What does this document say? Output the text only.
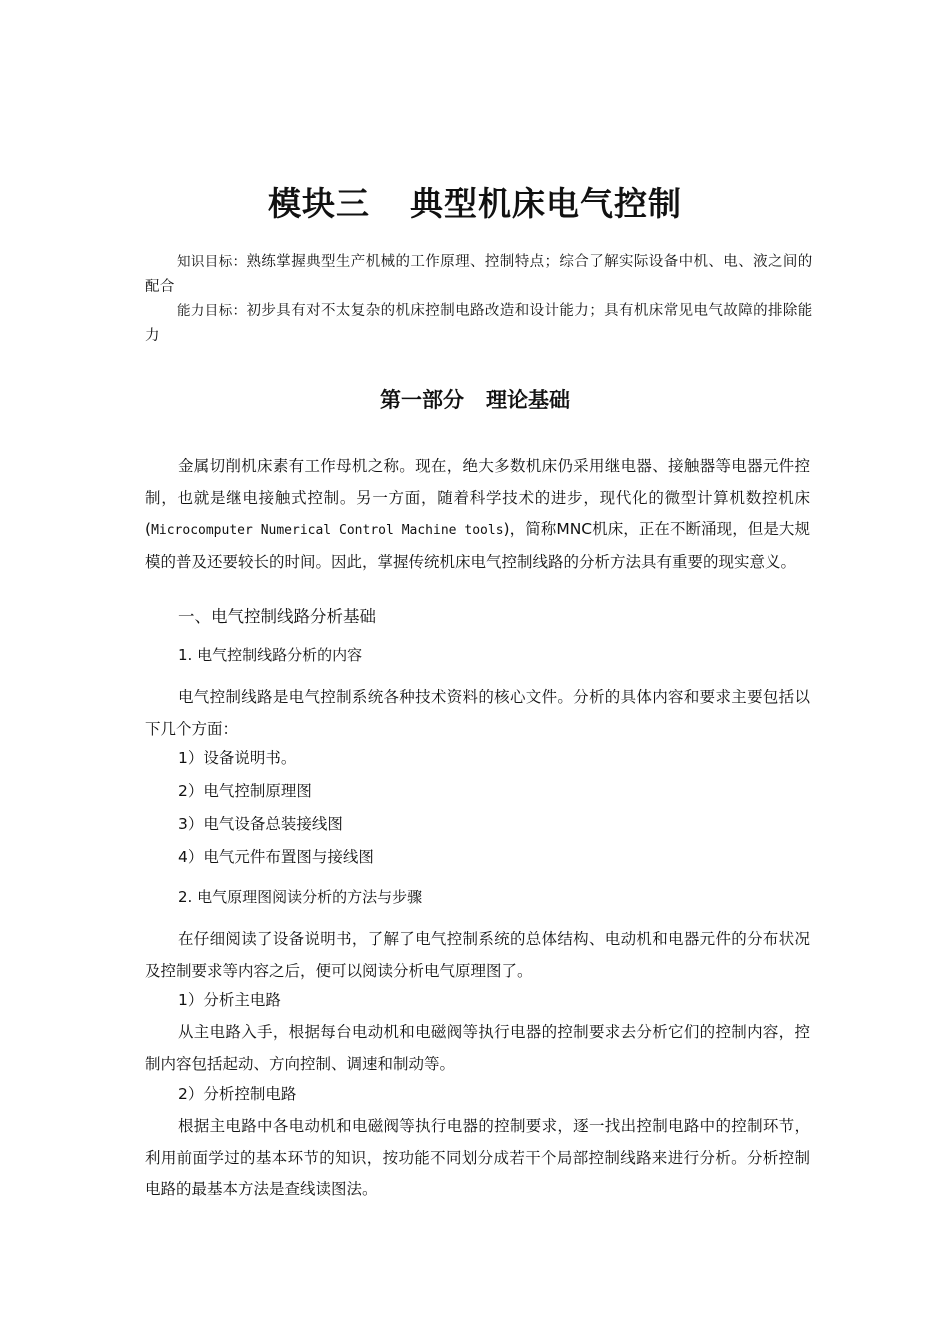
模块三 典型机床电气控制
知识目标：熟练掌握典型生产机械的工作原理、控制特点；综合了解实际设备中机、电、液之间的配合
能力目标：初步具有对不太复杂的机床控制电路改造和设计能力；具有机床常见电气故障的排除能力
第一部分 理论基础
金属切削机床素有工作母机之称。现在，绝大多数机床仍采用继电器、接触器等电器元件控制，也就是继电接触式控制。另一方面，随着科学技术的进步，现代化的微型计算机数控机床(Microcomputer Numerical Control Machine tools)，简称MNC机床，正在不断涌现，但是大规模的普及还要较长的时间。因此，掌握传统机床电气控制线路的分析方法具有重要的现实意义。
一、电气控制线路分析基础
1. 电气控制线路分析的内容
电气控制线路是电气控制系统各种技术资料的核心文件。分析的具体内容和要求主要包括以下几个方面：
1）设备说明书。
2）电气控制原理图
3）电气设备总装接线图
4）电气元件布置图与接线图
2. 电气原理图阅读分析的方法与步骤
在仔细阅读了设备说明书，了解了电气控制系统的总体结构、电动机和电器元件的分布状况及控制要求等内容之后，便可以阅读分析电气原理图了。
1）分析主电路
从主电路入手，根据每台电动机和电磁阀等执行电器的控制要求去分析它们的控制内容，控制内容包括起动、方向控制、调速和制动等。
2）分析控制电路
根据主电路中各电动机和电磁阀等执行电器的控制要求，逐一找出控制电路中的控制环节，利用前面学过的基本环节的知识，按功能不同划分成若干个局部控制线路来进行分析。分析控制电路的最基本方法是查线读图法。
